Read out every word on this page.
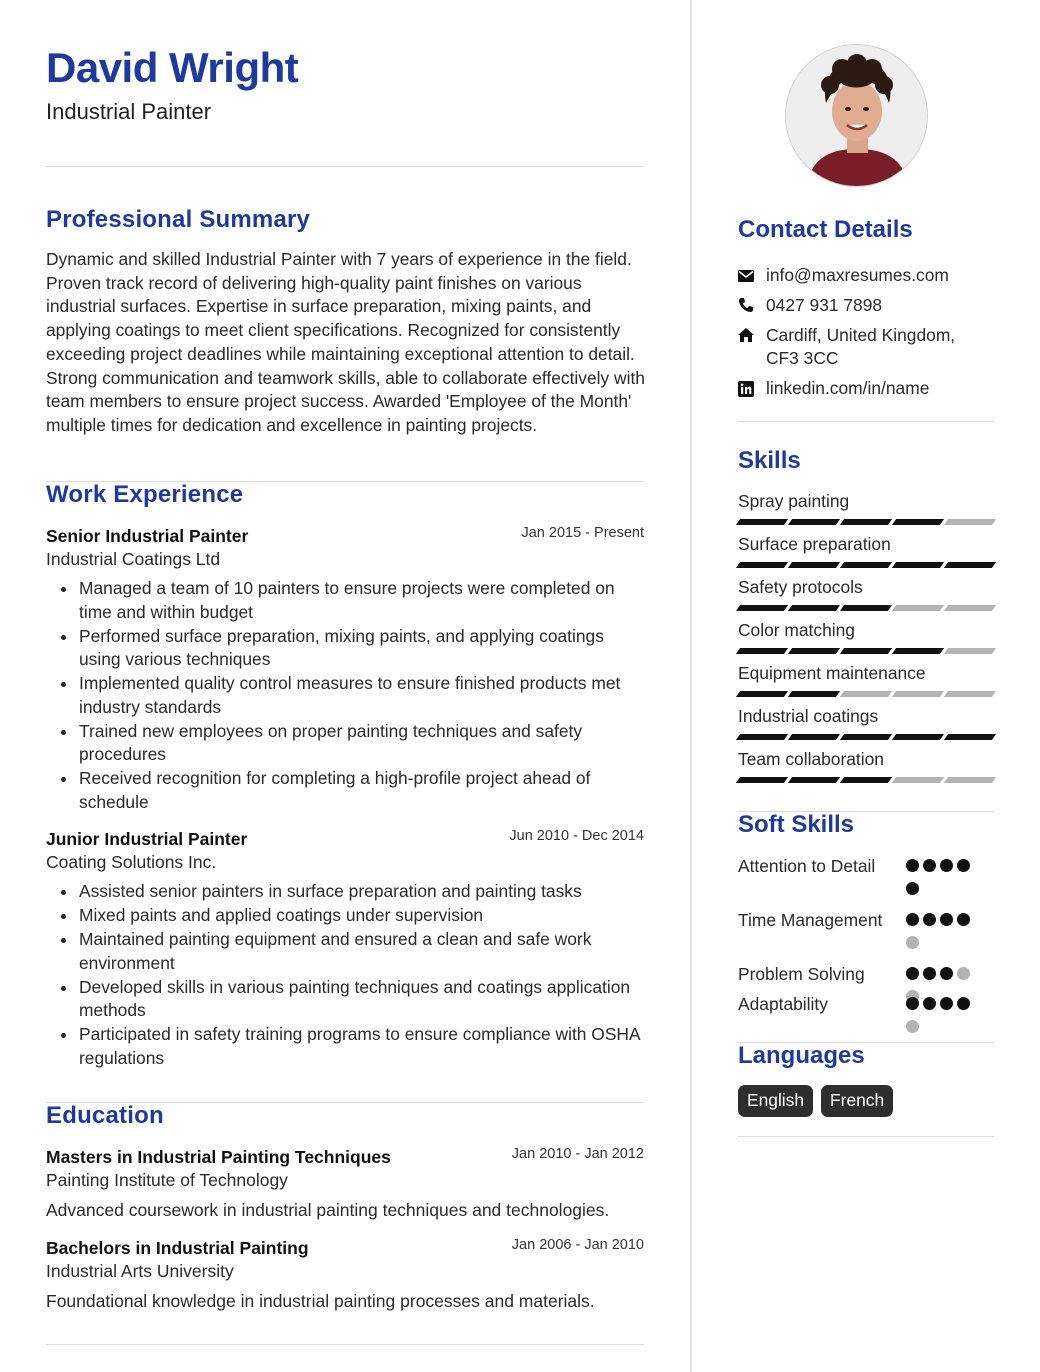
David Wright
Industrial Painter
Professional Summary
Dynamic and skilled Industrial Painter with 7 years of experience in the field. Proven track record of delivering high-quality paint finishes on various industrial surfaces. Expertise in surface preparation, mixing paints, and applying coatings to meet client specifications. Recognized for consistently exceeding project deadlines while maintaining exceptional attention to detail. Strong communication and teamwork skills, able to collaborate effectively with team members to ensure project success. Awarded 'Employee of the Month' multiple times for dedication and excellence in painting projects.
Work Experience
Senior Industrial Painter	Jan 2015 - Present
Industrial Coatings Ltd
Managed a team of 10 painters to ensure projects were completed on time and within budget
Performed surface preparation, mixing paints, and applying coatings using various techniques
Implemented quality control measures to ensure finished products met industry standards
Trained new employees on proper painting techniques and safety procedures
Received recognition for completing a high-profile project ahead of schedule
Junior Industrial Painter	Jun 2010 - Dec 2014
Coating Solutions Inc.
Assisted senior painters in surface preparation and painting tasks
Mixed paints and applied coatings under supervision
Maintained painting equipment and ensured a clean and safe work environment
Developed skills in various painting techniques and coatings application methods
Participated in safety training programs to ensure compliance with OSHA regulations
Education
Masters in Industrial Painting Techniques	Jan 2010 - Jan 2012
Painting Institute of Technology
Advanced coursework in industrial painting techniques and technologies.
Bachelors in Industrial Painting	Jan 2006 - Jan 2010
Industrial Arts University
Foundational knowledge in industrial painting processes and materials.
Contact Details
info@maxresumes.com
0427 931 7898
Cardiff, United Kingdom, CF3 3CC
linkedin.com/in/name
Skills
Spray painting
Surface preparation
Safety protocols
Color matching
Equipment maintenance
Industrial coatings
Team collaboration
Soft Skills
Attention to Detail
Time Management
Problem Solving
Adaptability
Languages
English	French
